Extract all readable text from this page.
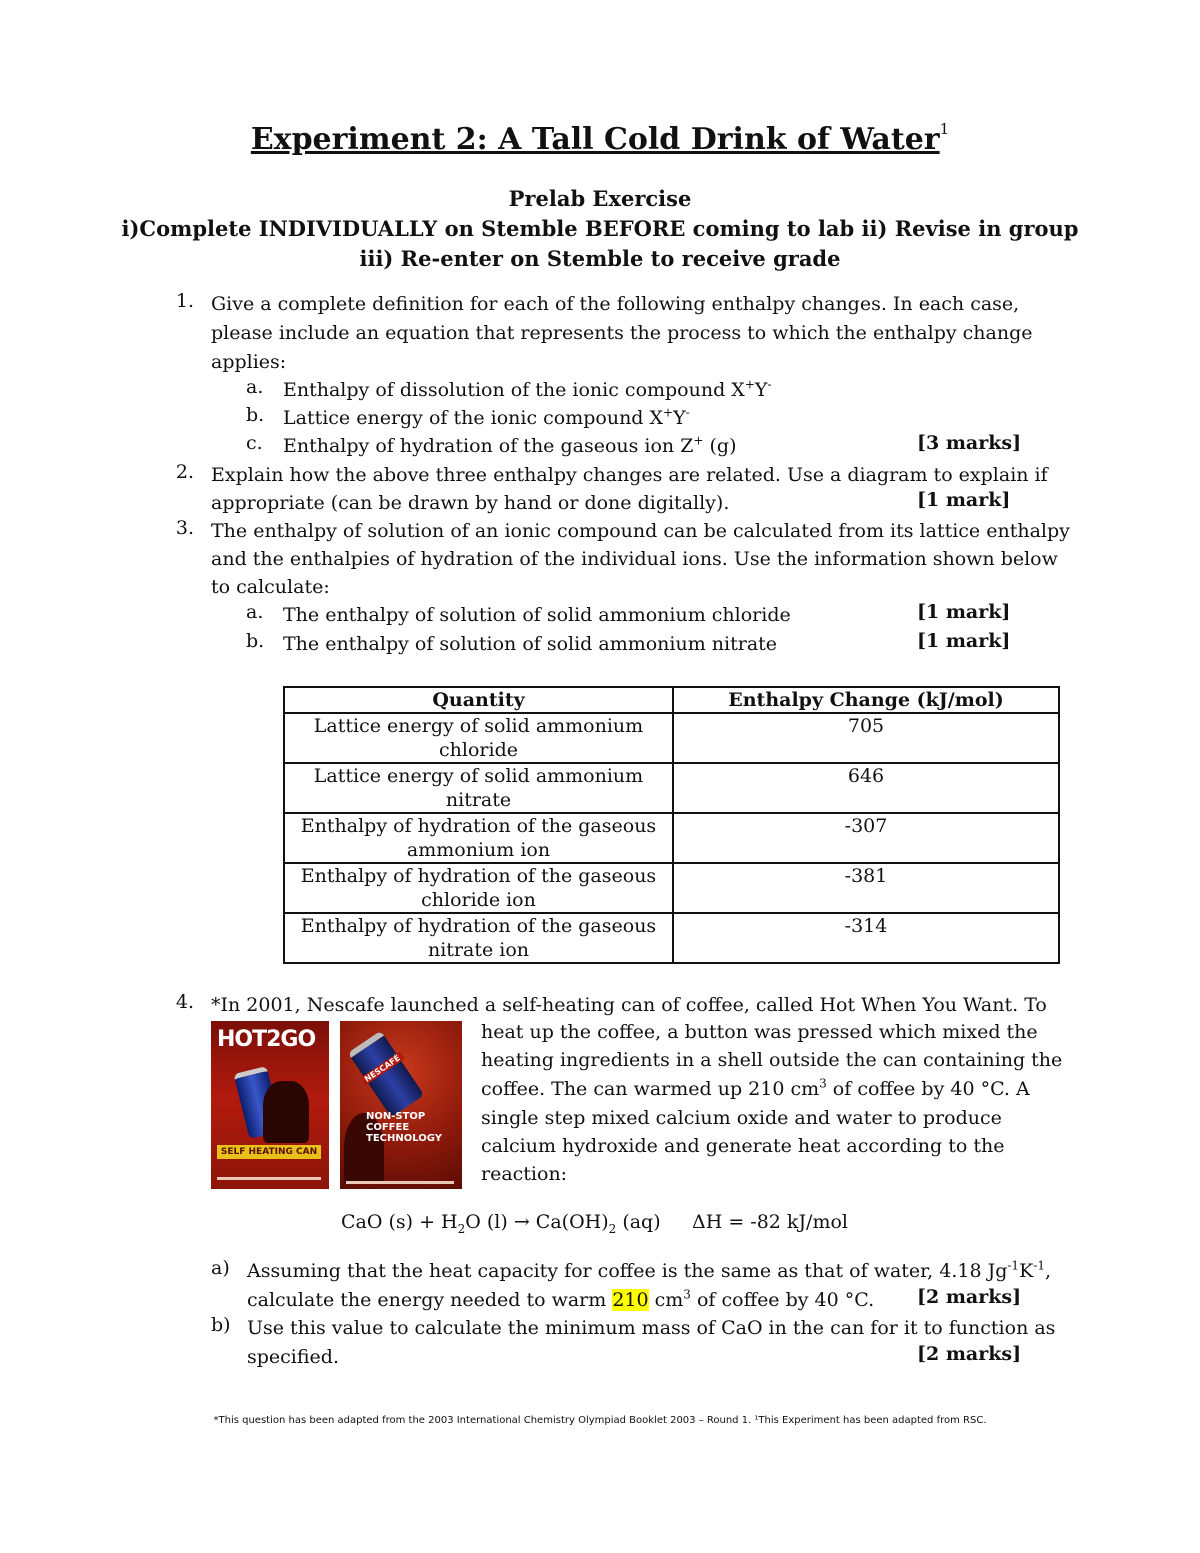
Experiment 2: A Tall Cold Drink of Water$^1$
Prelab Exercise
i)Complete INDIVIDUALLY on Stemble BEFORE coming to lab ii) Revise in group
iii) Re-enter on Stemble to receive grade
1. Give a complete definition for each of the following enthalpy changes. In each case,
please include an equation that represents the process to which the enthalpy change
applies:
a. Enthalpy of dissolution of the ionic compound X+Y-
b. Lattice energy of the ionic compound X+Y-
c. Enthalpy of hydration of the gaseous ion Z+ (g)	[3 marks]
2. Explain how the above three enthalpy changes are related. Use a diagram to explain if
appropriate (can be drawn by hand or done digitally).	[1 mark]
3. The enthalpy of solution of an ionic compound can be calculated from its lattice enthalpy
and the enthalpies of hydration of the individual ions. Use the information shown below
to calculate:
a. The enthalpy of solution of solid ammonium chloride	[1 mark]
b. The enthalpy of solution of solid ammonium nitrate	[1 mark]
Quantity	Enthalpy Change (kJ/mol)

Lattice energy of solid ammonium
chloride	705

Lattice energy of solid ammonium
nitrate	646

Enthalpy of hydration of the gaseous
ammonium ion	-307

Enthalpy of hydration of the gaseous
chloride ion	-381

Enthalpy of hydration of the gaseous
nitrate ion	-314
4. *In 2001, Nescafe launched a self-heating can of coffee, called Hot When You Want. To
HOT2GO
SELF HEATING CAN
NESCAFÉ
NON-STOP
COFFEE
TECHNOLOGY
heat up the coffee, a button was pressed which mixed the
heating ingredients in a shell outside the can containing the
coffee. The can warmed up 210 $cm^3$ of coffee by 40 °C. A
single step mixed calcium oxide and water to produce
calcium hydroxide and generate heat according to the
reaction:
CaO $(s) + H_2O$ $(l) \to Ca(OH)_2$ (aq) ΔH = -82 kJ/mol
a) Assuming that the heat capacity for coffee is the same as that of water, 4.18 $Jg^{-1}K^{-1}$,
calculate the energy needed to warm 210 $cm^3$ of coffee by 40 °C. [2 marks]
b) Use this value to calculate the minimum mass of CaO in the can for it to function as
specified.	[2 marks]
*This question has been adapted from the 2003 International Chemistry Olympiad Booklet 2003 – Round 1. ¹This Experiment has been adapted from RSC.
